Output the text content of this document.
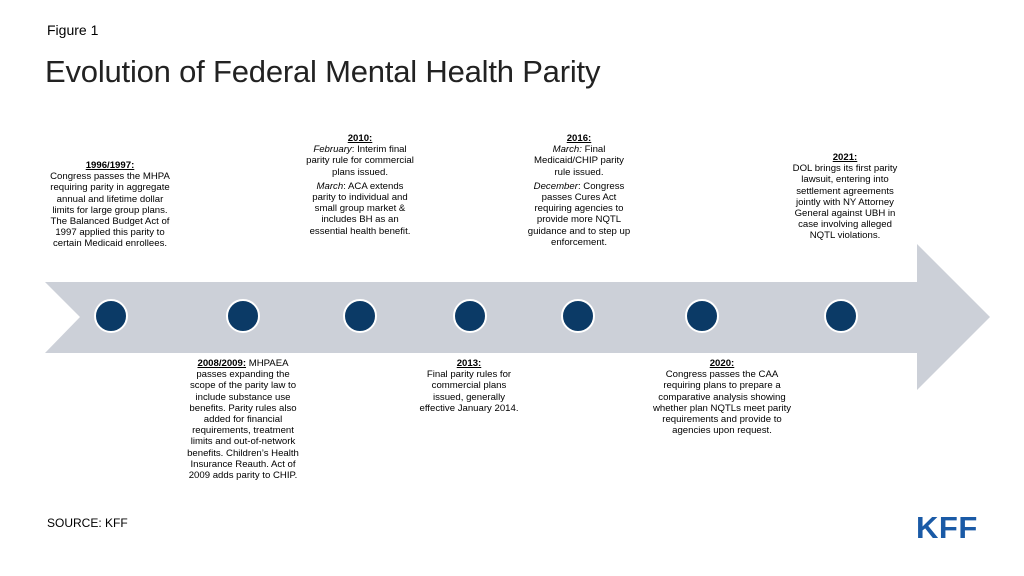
Figure 1
Evolution of Federal Mental Health Parity
1996/1997:
Congress passes the MHPA requiring parity in aggregate annual and lifetime dollar limits for large group plans. The Balanced Budget Act of 1997 applied this parity to certain Medicaid enrollees.
2008/2009: MHPAEA passes expanding the scope of the parity law to include substance use benefits. Parity rules also added for financial requirements, treatment limits and out-of-network benefits. Children’s Health Insurance Reauth. Act of 2009 adds parity to CHIP.
2010:

February: Interim final parity rule for commercial plans issued.

March: ACA extends parity to individual and small group market & includes BH as an essential health benefit.

2013:
Final parity rules for commercial plans issued, generally effective January 2014.
2016:

March: Final Medicaid/CHIP parity rule issued.

December: Congress passes Cures Act requiring agencies to provide more NQTL guidance and to step up enforcement.

2020:
Congress passes the CAA requiring plans to prepare a comparative analysis showing whether plan NQTLs meet parity requirements and provide to agencies upon request.
2021:
DOL brings its first parity lawsuit, entering into settlement agreements jointly with NY Attorney General against UBH in case involving alleged NQTL violations.
SOURCE: KFF	KFF
